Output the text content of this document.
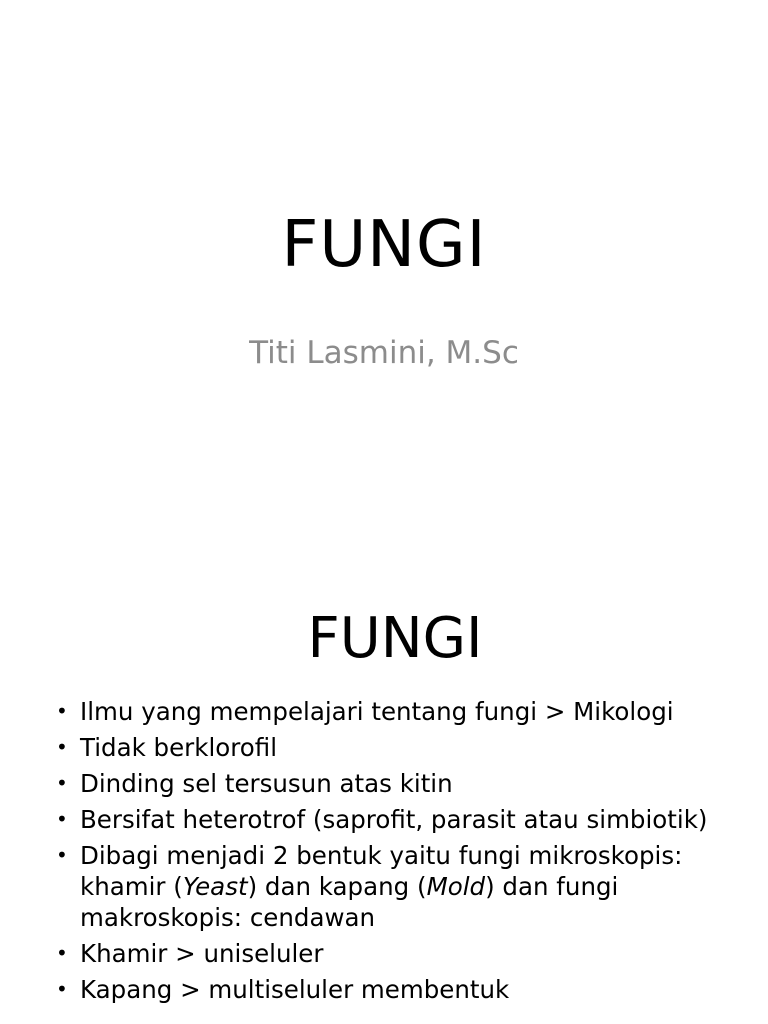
FUNGI
Titi Lasmini, M.Sc
FUNGI
• Ilmu yang mempelajari tentang fungi > Mikologi
• Tidak berklorofil
• Dinding sel tersusun atas kitin
• Bersifat heterotrof (saprofit, parasit atau simbiotik)
• Dibagi menjadi 2 bentuk yaitu fungi mikroskopis: khamir (Yeast) dan kapang (Mold) dan fungi makroskopis: cendawan
• Khamir > uniseluler
• Kapang > multiseluler membentuk
